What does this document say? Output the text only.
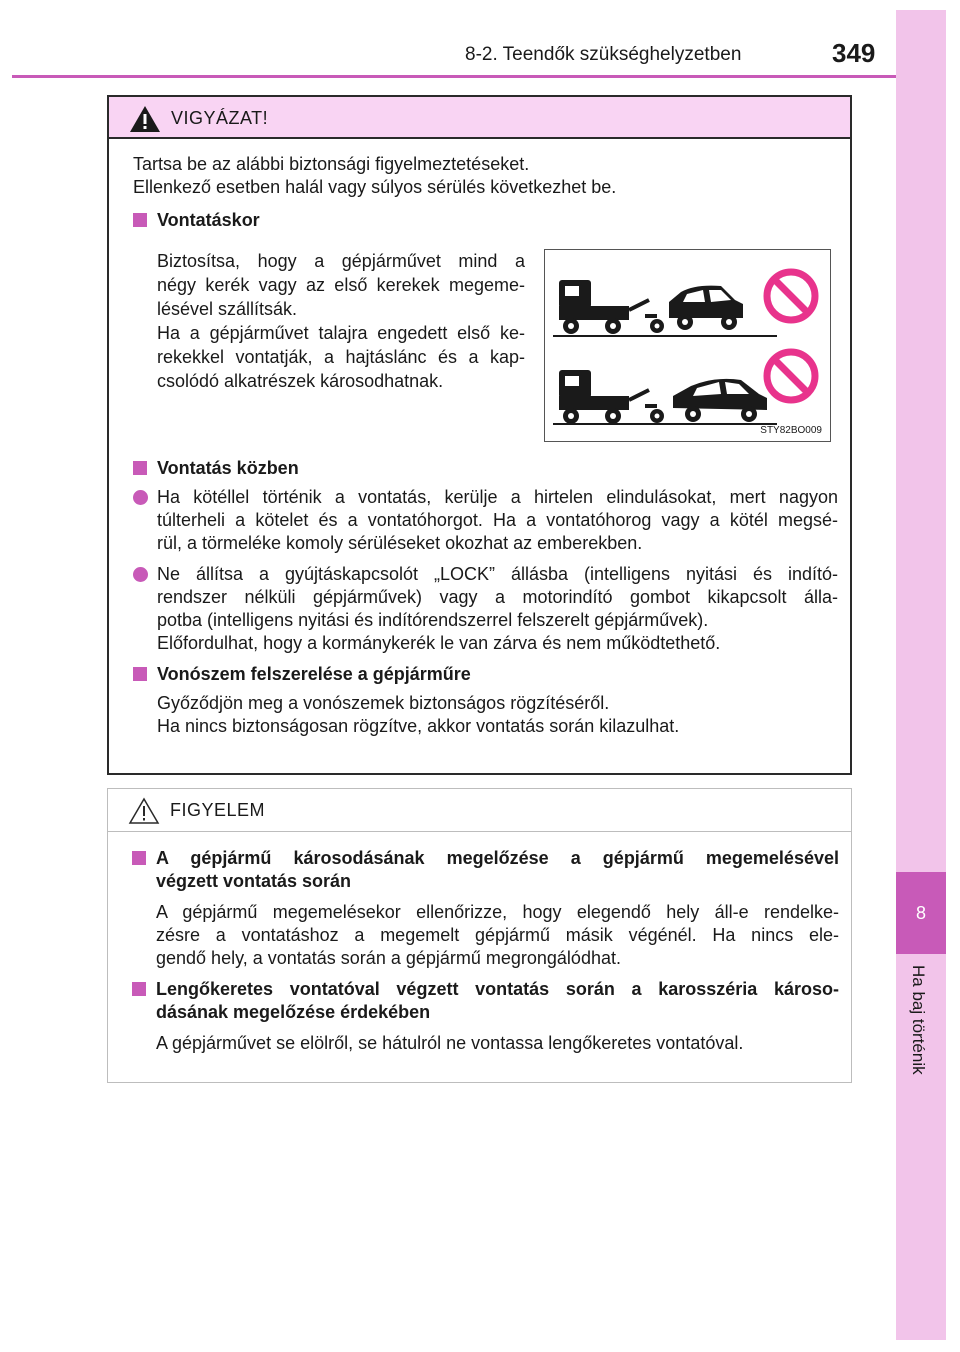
8-2. Teendők szükséghelyzetben	349
8
Ha baj történik
VIGYÁZAT!

Tartsa be az alábbi biztonsági figyelmeztetéseket.

Ellenkező esetben halál vagy súlyos sérülés következhet be.

Vontatáskor

Biztosítsa, hogy a gépjárművet mind a

négy kerék vagy az első kerekek megeme-

lésével szállítsák.

Ha a gépjárművet talajra engedett első ke-

rekekkel vontatják, a hajtáslánc és a kap-

csolódó alkatrészek károsodhatnak.

STY82BO009

Vontatás közben

Ha kötéllel történik a vontatás, kerülje a hirtelen elindulásokat, mert nagyon

túlterheli a kötelet és a vontatóhorgot. Ha a vontatóhorog vagy a kötél megsé-

rül, a törmeléke komoly sérüléseket okozhat az emberekben.

Ne állítsa a gyújtáskapcsolót „LOCK” állásba (intelligens nyitási és indító-

rendszer nélküli gépjárművek) vagy a motorindító gombot kikapcsolt álla-

potba (intelligens nyitási és indítórendszerrel felszerelt gépjárművek).

Előfordulhat, hogy a kormánykerék le van zárva és nem működtethető.

Vonószem felszerelése a gépjárműre

Győződjön meg a vonószemek biztonságos rögzítéséről.

Ha nincs biztonságosan rögzítve, akkor vontatás során kilazulhat.

FIGYELEM

A gépjármű károsodásának megelőzése a gépjármű megemelésével

végzett vontatás során

A gépjármű megemelésekor ellenőrizze, hogy elegendő hely áll-e rendelke-

zésre a vontatáshoz a megemelt gépjármű másik végénél. Ha nincs ele-

gendő hely, a vontatás során a gépjármű megrongálódhat.

Lengőkeretes vontatóval végzett vontatás során a karosszéria károso-

dásának megelőzése érdekében

A gépjárművet se elölről, se hátulról ne vontassa lengőkeretes vontatóval.
